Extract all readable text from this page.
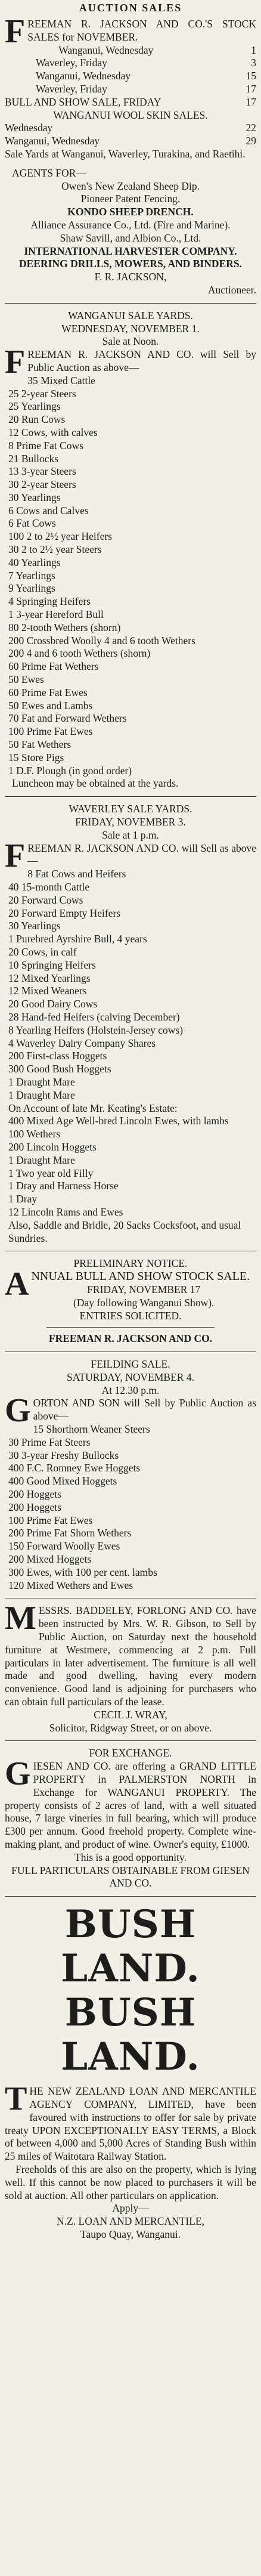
AUCTION SALES
FREEMAN R. JACKSON AND CO.'S STOCK SALES for NOVEMBER.
Wanganui, Wednesday	1
Waverley, Friday	3
Wanganui, Wednesday	15
Waverley, Friday	17
BULL AND SHOW SALE, FRIDAY	17
WANGANUI WOOL SKIN SALES.
Wednesday	22
Wanganui, Wednesday	29
Sale Yards at Wanganui, Waverley, Turakina, and Raetihi.
AGENTS FOR—
Owen's New Zealand Sheep Dip.
Pioneer Patent Fencing.
KONDO SHEEP DRENCH.
Alliance Assurance Co., Ltd. (Fire and Marine).
Shaw Savill, and Albion Co., Ltd.
INTERNATIONAL HARVESTER COMPANY.
DEERING DRILLS, MOWERS, AND BINDERS.
F. R. JACKSON,
Auctioneer.
WANGANUI SALE YARDS.
WEDNESDAY, NOVEMBER 1.
Sale at Noon.
FREEMAN R. JACKSON AND CO. will Sell by Public Auction as above—
35 Mixed Cattle
25 2-year Steers
25 Yearlings
20 Run Cows
12 Cows, with calves
8 Prime Fat Cows
21 Bullocks
13 3-year Steers
30 2-year Steers
30 Yearlings
6 Cows and Calves
6 Fat Cows
100 2 to 2½ year Heifers
30 2 to 2½ year Steers
40 Yearlings
7 Yearlings
9 Yearlings
4 Springing Heifers
1 3-year Hereford Bull
80 2-tooth Wethers (shorn)
200 Crossbred Woolly 4 and 6 tooth Wethers
200 4 and 6 tooth Wethers (shorn)
60 Prime Fat Wethers
50 Ewes
60 Prime Fat Ewes
50 Ewes and Lambs
70 Fat and Forward Wethers
100 Prime Fat Ewes
50 Fat Wethers
15 Store Pigs
1 D.F. Plough (in good order)
Luncheon may be obtained at the yards.
WAVERLEY SALE YARDS.
FRIDAY, NOVEMBER 3.
Sale at 1 p.m.
FREEMAN R. JACKSON AND CO. will Sell as above—
8 Fat Cows and Heifers
40 15-month Cattle
20 Forward Cows
20 Forward Empty Heifers
30 Yearlings
1 Purebred Ayrshire Bull, 4 years
20 Cows, in calf
10 Springing Heifers
12 Mixed Yearlings
12 Mixed Weaners
20 Good Dairy Cows
28 Hand-fed Heifers (calving December)
8 Yearling Heifers (Holstein-Jersey cows)
4 Waverley Dairy Company Shares
200 First-class Hoggets
300 Good Bush Hoggets
1 Draught Mare
1 Draught Mare
On Account of late Mr. Keating's Estate:
400 Mixed Age Well-bred Lincoln Ewes, with lambs
100 Wethers
200 Lincoln Hoggets
1 Draught Mare
1 Two year old Filly
1 Dray and Harness Horse
1 Dray
12 Lincoln Rams and Ewes
Also, Saddle and Bridle, 20 Sacks Cocksfoot, and usual Sundries.
PRELIMINARY NOTICE.
ANNUAL BULL AND SHOW STOCK SALE.
FRIDAY, NOVEMBER 17
(Day following Wanganui Show).
ENTRIES SOLICITED.
FREEMAN R. JACKSON AND CO.
FEILDING SALE.
SATURDAY, NOVEMBER 4.
At 12.30 p.m.
GORTON AND SON will Sell by Public Auction as above—
15 Shorthorn Weaner Steers
30 Prime Fat Steers
30 3-year Freshy Bullocks
400 F.C. Romney Ewe Hoggets
400 Good Mixed Hoggets
200 Hoggets
200 Hoggets
100 Prime Fat Ewes
200 Prime Fat Shorn Wethers
150 Forward Woolly Ewes
200 Mixed Hoggets
300 Ewes, with 100 per cent. lambs
120 Mixed Wethers and Ewes
MESSRS. BADDELEY, FORLONG AND CO. have been instructed by Mrs. W. R. Gibson, to Sell by Public Auction, on Saturday next the household furniture at Westmere, commencing at 2 p.m. Full particulars in later advertisement. The furniture is all well made and good dwelling, having every modern convenience. Good land is adjoining for purchasers who can obtain full particulars of the lease.
CECIL J. WRAY,
Solicitor, Ridgway Street, or on above.
FOR EXCHANGE.
GIESEN AND CO. are offering a GRAND LITTLE PROPERTY in PALMERSTON NORTH in Exchange for WANGANUI PROPERTY. The property consists of 2 acres of land, with a well situated house, 7 large vineries in full bearing, which will produce £300 per annum. Good freehold property. Complete wine-making plant, and product of wine. Owner's equity, £1000.
This is a good opportunity.
FULL PARTICULARS OBTAINABLE FROM GIESEN AND CO.
BUSH LAND.
BUSH LAND.
THE NEW ZEALAND LOAN AND MERCANTILE AGENCY COMPANY, LIMITED, have been favoured with instructions to offer for sale by private treaty UPON EXCEPTIONALLY EASY TERMS, a Block of between 4,000 and 5,000 Acres of Standing Bush within 25 miles of Waitotara Railway Station.
Freeholds of this are also on the property, which is lying well. If this cannot be now placed to purchasers it will be sold at auction. All other particulars on application.
Apply—
N.Z. LOAN AND MERCANTILE,
Taupo Quay, Wanganui.
